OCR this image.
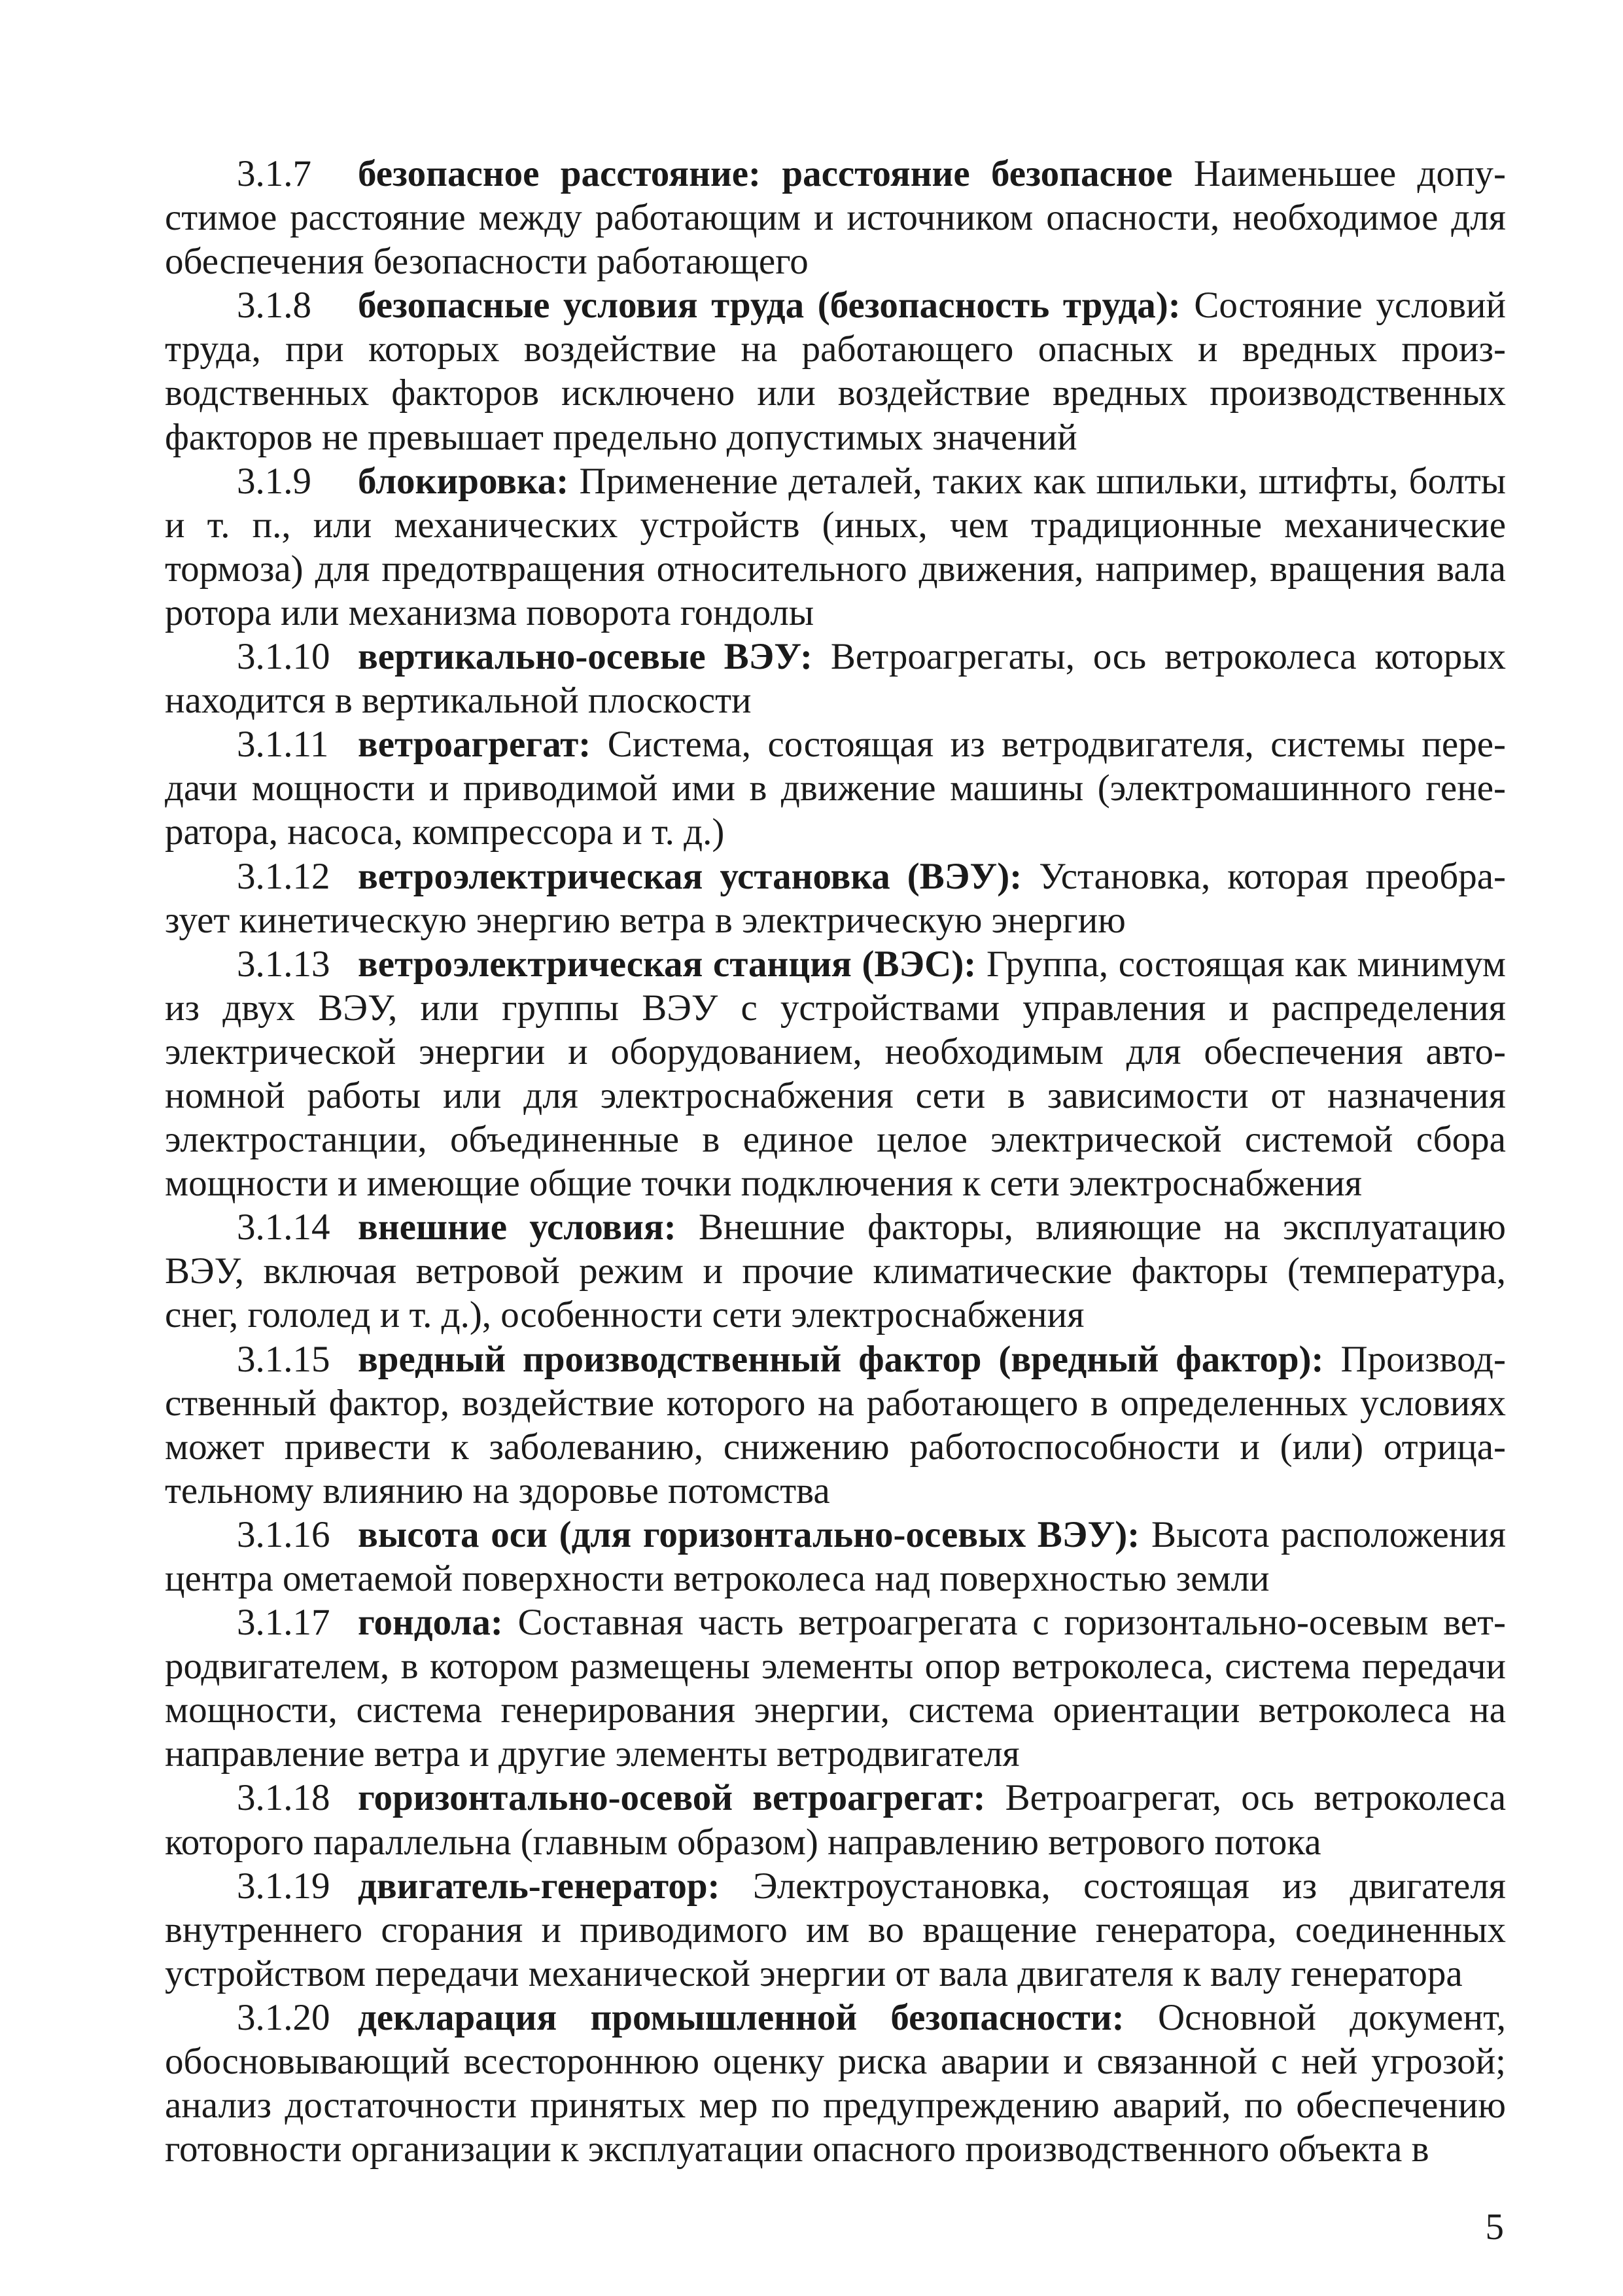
3.1.7 безопасное расстояние: расстояние безопасное Наименьшее допустимое расстояние между работающим и источником опасности, необходимое для обеспечения безопасности работающего

3.1.8 безопасные условия труда (безопасность труда): Состояние условий труда, при которых воздействие на работающего опасных и вредных производственных факторов исключено или воздействие вредных производственных факторов не превышает предельно допустимых значений

3.1.9 блокировка: Применение деталей, таких как шпильки, штифты, болты и т. п., или механических устройств (иных, чем традиционные механические тормоза) для предотвращения относительного движения, например, вращения вала ротора или механизма поворота гондолы

3.1.10 вертикально-осевые ВЭУ: Ветроагрегаты, ось ветроколеса которых находится в вертикальной плоскости

3.1.11 ветроагрегат: Система, состоящая из ветродвигателя, системы передачи мощности и приводимой ими в движение машины (электромашинного генератора, насоса, компрессора и т. д.)

3.1.12 ветроэлектрическая установка (ВЭУ): Установка, которая преобразует кинетическую энергию ветра в электрическую энергию

3.1.13 ветроэлектрическая станция (ВЭС): Группа, состоящая как минимум из двух ВЭУ, или группы ВЭУ с устройствами управления и распределения электрической энергии и оборудованием, необходимым для обеспечения автономной работы или для электроснабжения сети в зависимости от назначения электростанции, объединенные в единое целое электрической системой сбора мощности и имеющие общие точки подключения к сети электроснабжения

3.1.14 внешние условия: Внешние факторы, влияющие на эксплуатацию ВЭУ, включая ветровой режим и прочие климатические факторы (температура, снег, гололед и т. д.), особенности сети электроснабжения

3.1.15 вредный производственный фактор (вредный фактор): Производственный фактор, воздействие которого на работающего в определенных условиях может привести к заболеванию, снижению работоспособности и (или) отрицательному влиянию на здоровье потомства

3.1.16 высота оси (для горизонтально-осевых ВЭУ): Высота расположения центра ометаемой поверхности ветроколеса над поверхностью земли

3.1.17 гондола: Составная часть ветроагрегата с горизонтально-осевым ветродвигателем, в котором размещены элементы опор ветроколеса, система передачи мощности, система генерирования энергии, система ориентации ветроколеса на направление ветра и другие элементы ветродвигателя

3.1.18 горизонтально-осевой ветроагрегат: Ветроагрегат, ось ветроколеса которого параллельна (главным образом) направлению ветрового потока

3.1.19 двигатель-генератор: Электроустановка, состоящая из двигателя внутреннего сгорания и приводимого им во вращение генератора, соединенных устройством передачи механической энергии от вала двигателя к валу генератора

3.1.20 декларация промышленной безопасности: Основной документ, обосновывающий всестороннюю оценку риска аварии и связанной с ней угрозой; анализ достаточности принятых мер по предупреждению аварий, по обеспечению готовности организации к эксплуатации опасного производственного объекта в

5
